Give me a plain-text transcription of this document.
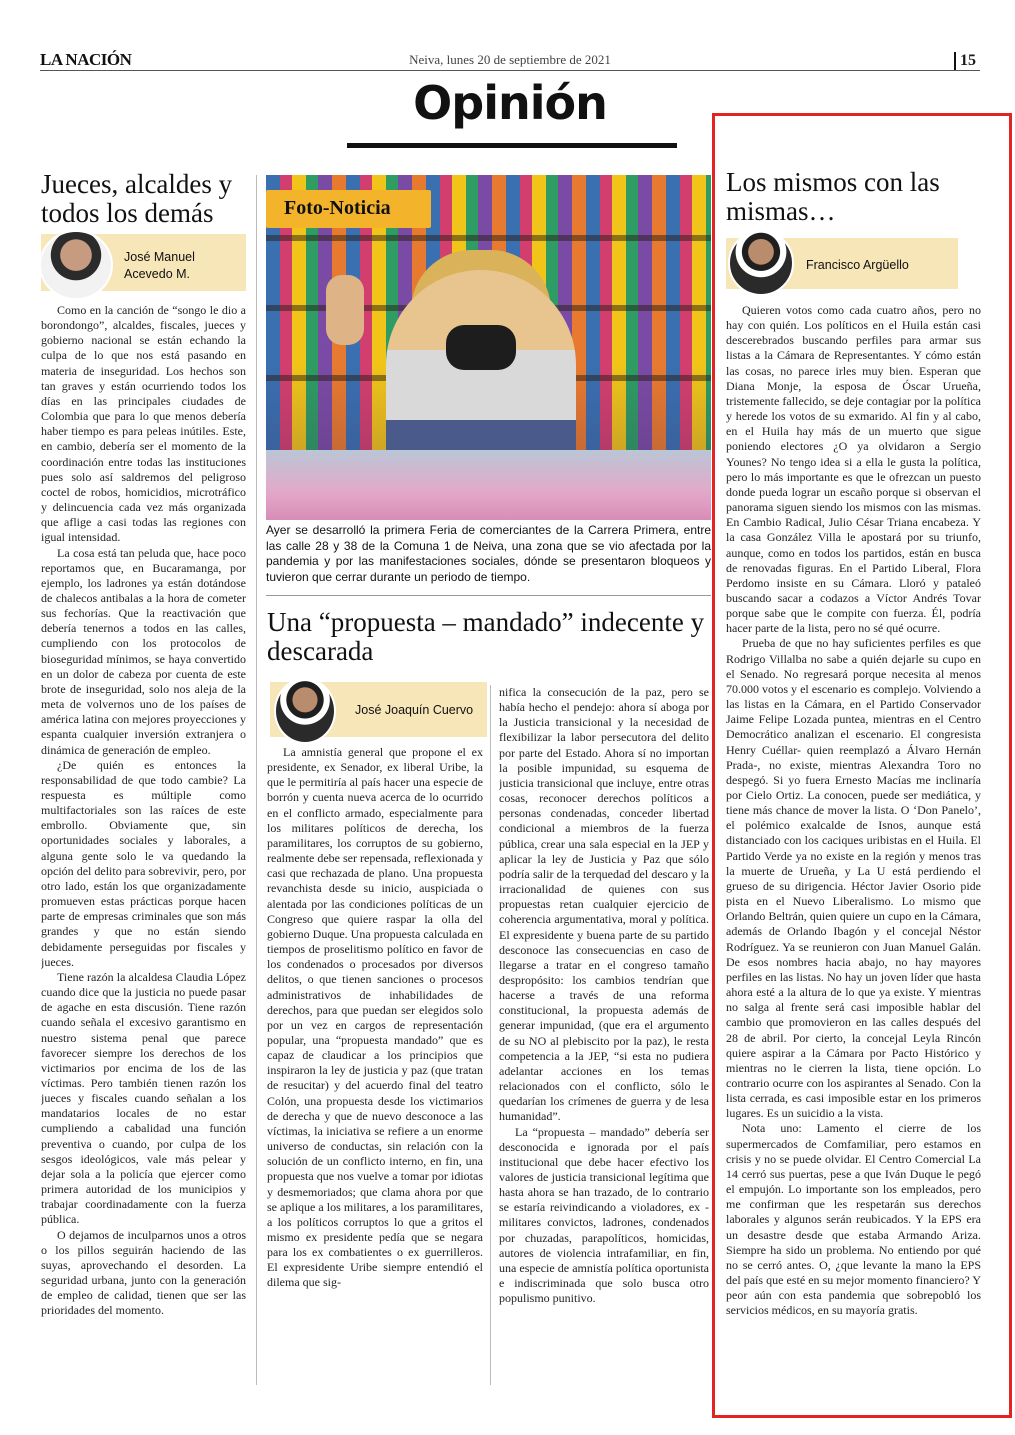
LA NACIÓN	Neiva, lunes 20 de septiembre de 2021	15
Opinión
Jueces, alcaldes y todos los demás
José Manuel Acevedo M.

Como en la canción de “songo le dio a borondongo”, alcaldes, fiscales, jueces y gobierno nacional se están echando la culpa de lo que nos está pasando en materia de inseguridad. Los hechos son tan graves y están ocurriendo todos los días en las principales ciudades de Colombia que para lo que menos debería haber tiempo es para peleas inútiles. Este, en cambio, debería ser el momento de la coordinación entre todas las instituciones pues solo así saldremos del peligroso coctel de robos, homicidios, microtráfico y delincuencia cada vez más organizada que aflige a casi todas las regiones con igual intensidad.

La cosa está tan peluda que, hace poco reportamos que, en Bucaramanga, por ejemplo, los ladrones ya están dotándose de chalecos antibalas a la hora de cometer sus fechorías. Que la reactivación que debería tenernos a todos en las calles, cumpliendo con los protocolos de bioseguridad mínimos, se haya convertido en un dolor de cabeza por cuenta de este brote de inseguridad, solo nos aleja de la meta de volvernos uno de los países de américa latina con mejores proyecciones y espanta cualquier inversión extranjera o dinámica de generación de empleo.

¿De quién es entonces la responsabilidad de que todo cambie? La respuesta es múltiple como multifactoriales son las raíces de este embrollo. Obviamente que, sin oportunidades sociales y laborales, a alguna gente solo le va quedando la opción del delito para sobrevivir, pero, por otro lado, están los que organizadamente promueven estas prácticas porque hacen parte de empresas criminales que son más grandes y que no están siendo debidamente perseguidas por fiscales y jueces.

Tiene razón la alcaldesa Claudia López cuando dice que la justicia no puede pasar de agache en esta discusión. Tiene razón cuando señala el excesivo garantismo en nuestro sistema penal que parece favorecer siempre los derechos de los victimarios por encima de los de las víctimas. Pero también tienen razón los jueces y fiscales cuando señalan a los mandatarios locales de no estar cumpliendo a cabalidad una función preventiva o cuando, por culpa de los sesgos ideológicos, vale más pelear y dejar sola a la policía que ejercer como primera autoridad de los municipios y trabajar coordinadamente con la fuerza pública.

O dejamos de inculparnos unos a otros o los pillos seguirán haciendo de las suyas, aprovechando el desorden. La seguridad urbana, junto con la generación de empleo de calidad, tienen que ser las prioridades del momento.

Foto-Noticia
Ayer se desarrolló la primera Feria de comerciantes de la Carrera Primera, entre las calle 28 y 38 de la Comuna 1 de Neiva, una zona que se vio afectada por la pandemia y por las manifestaciones sociales, dónde se presentaron bloqueos y tuvieron que cerrar durante un periodo de tiempo.
Una “propuesta – mandado” indecente y descarada
José Joaquín Cuervo

La amnistía general que propone el ex presidente, ex Senador, ex liberal Uribe, la que le permitiría al país hacer una especie de borrón y cuenta nueva acerca de lo ocurrido en el conflicto armado, especialmente para los militares políticos de derecha, los paramilitares, los corruptos de su gobierno, realmente debe ser repensada, reflexionada y casi que rechazada de plano. Una propuesta revanchista desde su inicio, auspiciada o alentada por las condiciones políticas de un Congreso que quiere raspar la olla del gobierno Duque. Una propuesta calculada en tiempos de proselitismo político en favor de los condenados o procesados por diversos delitos, o que tienen sanciones o procesos administrativos de inhabilidades de derechos, para que puedan ser elegidos solo por un vez en cargos de representación popular, una “propuesta mandado” que es capaz de claudicar a los principios que inspiraron la ley de justicia y paz (que tratan de resucitar) y del acuerdo final del teatro Colón, una propuesta desde los victimarios de derecha y que de nuevo desconoce a las víctimas, la iniciativa se refiere a un enorme universo de conductas, sin relación con la solución de un conflicto interno, en fin, una propuesta que nos vuelve a tomar por idiotas y desmemoriados; que clama ahora por que se aplique a los militares, a los paramilitares, a los políticos corruptos lo que a gritos el mismo ex presidente pedía que se negara para los ex combatientes o ex guerrilleros. El expresidente Uribe siempre entendió el dilema que sig-

nifica la consecución de la paz, pero se había hecho el pendejo: ahora sí aboga por la Justicia transicional y la necesidad de flexibilizar la labor persecutora del delito por parte del Estado. Ahora sí no importan la posible impunidad, su esquema de justicia transicional que incluye, entre otras cosas, reconocer derechos políticos a personas condenadas, conceder libertad condicional a miembros de la fuerza pública, crear una sala especial en la JEP y aplicar la ley de Justicia y Paz que sólo podría salir de la terquedad del descaro y la irracionalidad de quienes con sus propuestas retan cualquier ejercicio de coherencia argumentativa, moral y política. El expresidente y buena parte de su partido desconoce las consecuencias en caso de llegarse a tratar en el congreso tamaño despropósito: los cambios tendrían que hacerse a través de una reforma constitucional, la propuesta además de generar impunidad, (que era el argumento de su NO al plebiscito por la paz), le resta competencia a la JEP, “si esta no pudiera adelantar acciones en los temas relacionados con el conflicto, sólo le quedarían los crímenes de guerra y de lesa humanidad”.

La “propuesta – mandado” debería ser desconocida e ignorada por el país institucional que debe hacer efectivo los valores de justicia transicional legítima que hasta ahora se han trazado, de lo contrario se estaría reivindicando a violadores, ex -militares convictos, ladrones, condenados por chuzadas, parapolíticos, homicidas, autores de violencia intrafamiliar, en fin, una especie de amnistía política oportunista e indiscriminada que solo busca otro populismo punitivo.

Los mismos con las mismas…
Francisco Argüello

Quieren votos como cada cuatro años, pero no hay con quién. Los políticos en el Huila están casi descerebrados buscando perfiles para armar sus listas a la Cámara de Representantes. Y cómo están las cosas, no parece irles muy bien. Esperan que Diana Monje, la esposa de Óscar Urueña, tristemente fallecido, se deje contagiar por la política y herede los votos de su exmarido. Al fin y al cabo, en el Huila hay más de un muerto que sigue poniendo electores ¿O ya olvidaron a Sergio Younes? No tengo idea si a ella le gusta la política, pero lo más importante es que le ofrezcan un puesto donde pueda lograr un escaño porque si observan el panorama siguen siendo los mismos con las mismas. En Cambio Radical, Julio César Triana encabeza. Y la casa González Villa le apostará por su triunfo, aunque, como en todos los partidos, están en busca de renovadas figuras. En el Partido Liberal, Flora Perdomo insiste en su Cámara. Lloró y pataleó buscando sacar a codazos a Víctor Andrés Tovar porque sabe que le compite con fuerza. Él, podría hacer parte de la lista, pero no sé qué ocurre.

Prueba de que no hay suficientes perfiles es que Rodrigo Villalba no sabe a quién dejarle su cupo en el Senado. No regresará porque necesita al menos 70.000 votos y el escenario es complejo. Volviendo a las listas en la Cámara, en el Partido Conservador Jaime Felipe Lozada puntea, mientras en el Centro Democrático analizan el escenario. El congresista Henry Cuéllar- quien reemplazó a Álvaro Hernán Prada-, no existe, mientras Alexandra Toro no despegó. Si yo fuera Ernesto Macías me inclinaría por Cielo Ortiz. La conocen, puede ser mediática, y tiene más chance de mover la lista. O ‘Don Panelo’, el polémico exalcalde de Isnos, aunque está distanciado con los caciques uribistas en el Huila. El Partido Verde ya no existe en la región y menos tras la muerte de Urueña, y La U está perdiendo el grueso de su dirigencia. Héctor Javier Osorio pide pista en el Nuevo Liberalismo. Lo mismo que Orlando Beltrán, quien quiere un cupo en la Cámara, además de Orlando Ibagón y el concejal Néstor Rodríguez. Ya se reunieron con Juan Manuel Galán. De esos nombres hacia abajo, no hay mayores perfiles en las listas. No hay un joven líder que hasta ahora esté a la altura de lo que ya existe. Y mientras no salga al frente será casi imposible hablar del cambio que promovieron en las calles después del 28 de abril. Por cierto, la concejal Leyla Rincón quiere aspirar a la Cámara por Pacto Histórico y mientras no le cierren la lista, tiene opción. Lo contrario ocurre con los aspirantes al Senado. Con la lista cerrada, es casi imposible estar en los primeros lugares. Es un suicidio a la vista.

Nota uno: Lamento el cierre de los supermercados de Comfamiliar, pero estamos en crisis y no se puede olvidar. El Centro Comercial La 14 cerró sus puertas, pese a que Iván Duque le pegó el empujón. Lo importante son los empleados, pero me confirman que les respetarán sus derechos laborales y algunos serán reubicados. Y la EPS era un desastre desde que estaba Armando Ariza. Siempre ha sido un problema. No entiendo por qué no se cerró antes. O, ¿que levante la mano la EPS del país que esté en su mejor momento financiero? Y peor aún con esta pandemia que sobrepobló los servicios médicos, en su mayoría gratis.
